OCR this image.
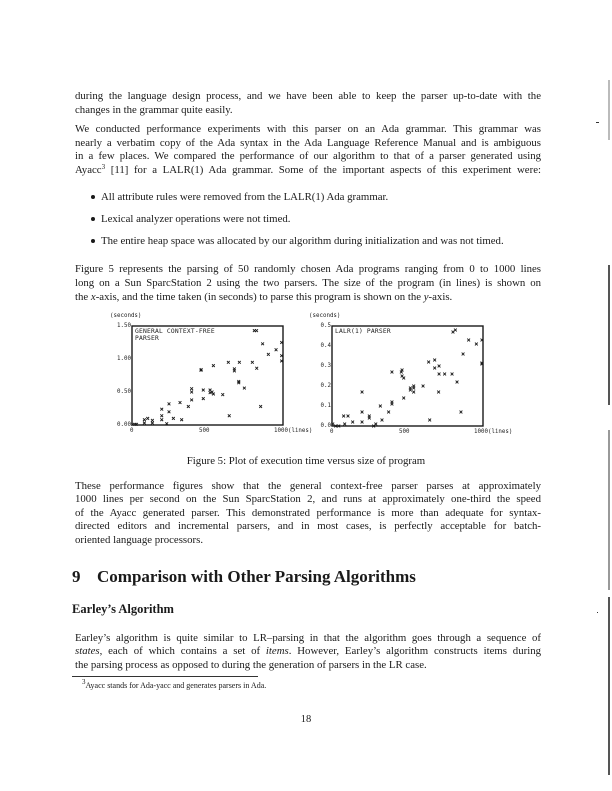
during the language design process, and we have been able to keep the parser up-to-date with the
changes in the grammar quite easily.
We conducted performance experiments with this parser on an Ada grammar. This grammar was
nearly a verbatim copy of the Ada syntax in the Ada Language Reference Manual and is ambiguous
in a few places. We compared the performance of our algorithm to that of a parser generated using
Ayacc$^3$ [11] for a LALR(1) Ada grammar. Some of the important aspects of this experiment were:
All attribute rules were removed from the LALR(1) Ada grammar.
Lexical analyzer operations were not timed.
The entire heap space was allocated by our algorithm during initialization and was not timed.
Figure 5 represents the parsing of 50 randomly chosen Ada programs ranging from 0 to 1000 lines
long on a Sun SparcStation 2 using the two parsers. The size of the program (in lines) is shown on
the x-axis, and the time taken (in seconds) to parse this program is shown on the y-axis.
(seconds)
1.50
1.00
0.50
0.00
0	500	1000(lines)
GENERAL CONTEXT-FREE
PARSER
(seconds)
0.5
0.4
0.3
0.2
0.1
0.0
0	500	1000(lines)
LALR(1) PARSER
Figure 5: Plot of execution time versus size of program
These performance figures show that the general context-free parser parses at approximately
1000 lines per second on the Sun SparcStation 2, and runs at approximately one-third the speed
of the Ayacc generated parser. This demonstrated performance is more than adequate for syntax-
directed editors and incremental parsers, and in most cases, is perfectly acceptable for batch-
oriented language processors.
9 Comparison with Other Parsing Algorithms
Earley’s Algorithm
Earley’s algorithm is quite similar to LR–parsing in that the algorithm goes through a sequence of
states, each of which contains a set of items. However, Earley’s algorithm constructs items during
the parsing process as opposed to during the generation of parsers in the LR case.
$^3$Ayacc stands for Ada-yacc and generates parsers in Ada.
18
